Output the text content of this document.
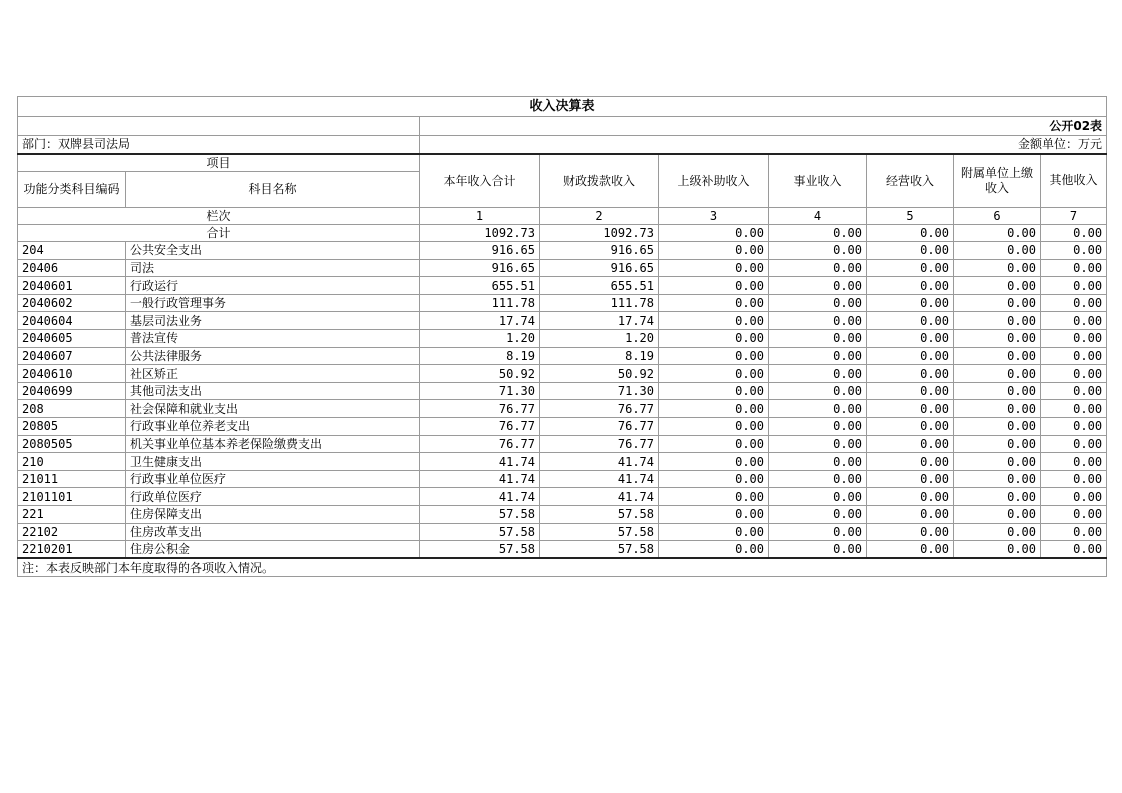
收入决算表								
		公开02表						
部门：双牌县司法局		金额单位：万元						
项目		本年收入合计	财政拨款收入	上级补助收入	事业收入	经营收入	附属单位上缴收入	其他收入
功能分类科目编码	科目名称							
栏次		1	2	3	4	5	6	7
合计		1092.73	1092.73	0.00	0.00	0.00	0.00	0.00
204	公共安全支出	916.65	916.65	0.00	0.00	0.00	0.00	0.00
20406	司法	916.65	916.65	0.00	0.00	0.00	0.00	0.00
2040601	行政运行	655.51	655.51	0.00	0.00	0.00	0.00	0.00
2040602	一般行政管理事务	111.78	111.78	0.00	0.00	0.00	0.00	0.00
2040604	基层司法业务	17.74	17.74	0.00	0.00	0.00	0.00	0.00
2040605	普法宣传	1.20	1.20	0.00	0.00	0.00	0.00	0.00
2040607	公共法律服务	8.19	8.19	0.00	0.00	0.00	0.00	0.00
2040610	社区矫正	50.92	50.92	0.00	0.00	0.00	0.00	0.00
2040699	其他司法支出	71.30	71.30	0.00	0.00	0.00	0.00	0.00
208	社会保障和就业支出	76.77	76.77	0.00	0.00	0.00	0.00	0.00
20805	行政事业单位养老支出	76.77	76.77	0.00	0.00	0.00	0.00	0.00
2080505	机关事业单位基本养老保险缴费支出	76.77	76.77	0.00	0.00	0.00	0.00	0.00
210	卫生健康支出	41.74	41.74	0.00	0.00	0.00	0.00	0.00
21011	行政事业单位医疗	41.74	41.74	0.00	0.00	0.00	0.00	0.00
2101101	行政单位医疗	41.74	41.74	0.00	0.00	0.00	0.00	0.00
221	住房保障支出	57.58	57.58	0.00	0.00	0.00	0.00	0.00
22102	住房改革支出	57.58	57.58	0.00	0.00	0.00	0.00	0.00
2210201	住房公积金	57.58	57.58	0.00	0.00	0.00	0.00	0.00
注：本表反映部门本年度取得的各项收入情况。								
